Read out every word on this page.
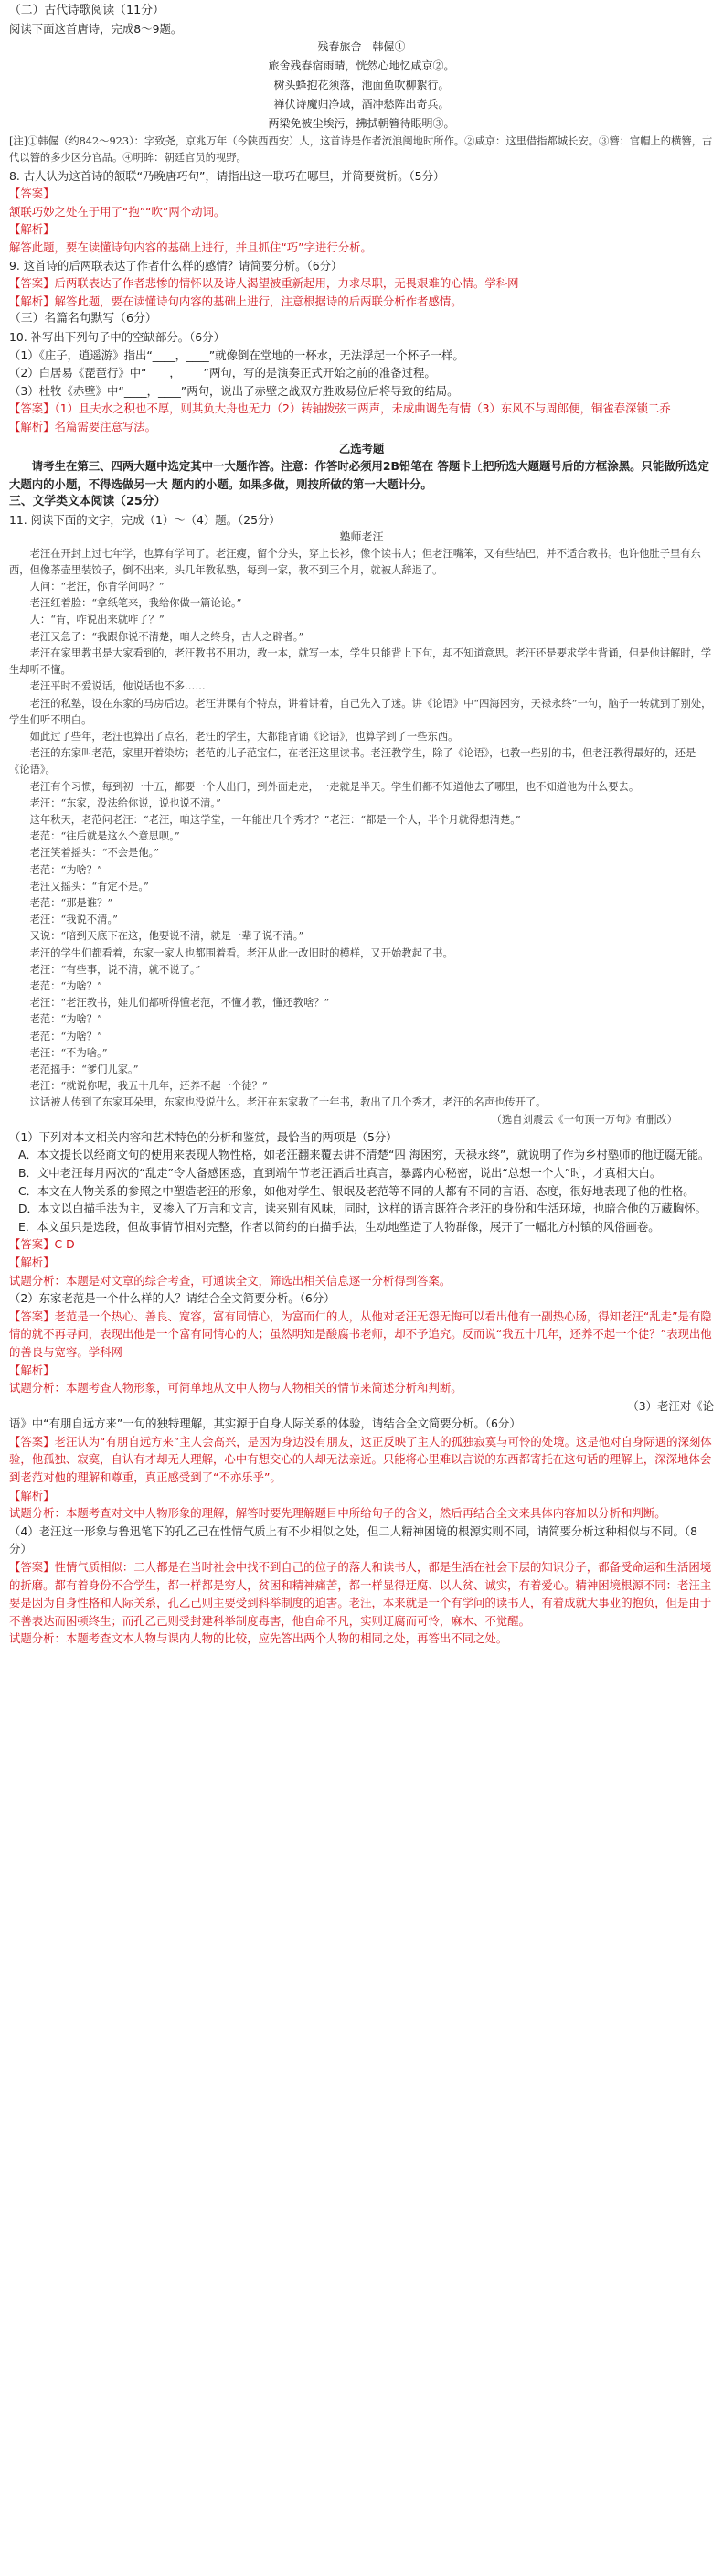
（二）古代诗歌阅读（11分）

阅读下面这首唐诗，完成8～9题。

残春旅舍　韩偓①

旅舍残春宿雨晴，恍然心地忆咸京②。

树头蜂抱花须落，池面鱼吹柳絮行。

禅伏诗魔归净域，酒冲愁阵出奇兵。

两梁免被尘埃污，拂拭朝簪待眼明③。

[注]①韩偓（约842～923）：字致尧，京兆万年（今陕西西安）人，这首诗是作者流浪闽地时所作。②咸京：这里借指都城长安。③簪：官帽上的横簪，古代以簪的多少区分官品。④明眸：朝廷官员的视野。

8. 古人认为这首诗的颔联“乃晚唐巧句”，请指出这一联巧在哪里，并简要赏析。（5分）

【答案】

颔联巧妙之处在于用了“抱”“吹”两个动词。

【解析】

解答此题，要在读懂诗句内容的基础上进行，并且抓住“巧”字进行分析。

9. 这首诗的后两联表达了作者什么样的感情？请简要分析。（6分）

【答案】后两联表达了作者悲惨的情怀以及诗人渴望被重新起用，力求尽职，无畏艰难的心情。学科网

【解析】解答此题，要在读懂诗句内容的基础上进行，注意根据诗的后两联分析作者感情。

（三）名篇名句默写（6分）

10. 补写出下列句子中的空缺部分。（6分）

（1）《庄子，逍遥游》指出“____，____”就像倒在堂地的一杯水，无法浮起一个杯子一样。

（2）白居易《琵琶行》中“____，____”两句，写的是演奏正式开始之前的准备过程。

（3）杜牧《赤壁》中“____，____”两句，说出了赤壁之战双方胜败易位后将导致的结局。

【答案】（1）且夫水之积也不厚，则其负大舟也无力（2）转轴拨弦三两声，未成曲调先有情（3）东风不与周郎便，铜雀春深锁二乔

【解析】名篇需要注意写法。

乙选考题

请考生在第三、四两大题中选定其中一大题作答。注意：作答时必须用2B铅笔在 答题卡上把所选大题题号后的方框涂黑。只能做所选定大题内的小题，不得选做另一大 题内的小题。如果多做，则按所做的第一大题计分。

三、文学类文本阅读（25分）

11. 阅读下面的文字，完成（1）～（4）题。（25分）

塾师老汪

老汪在开封上过七年学，也算有学问了。老汪瘦，留个分头，穿上长衫，像个读书人；但老汪嘴笨，又有些结巴，并不适合教书。也许他肚子里有东西，但像茶壶里装饺子，倒不出来。头几年教私塾，每到一家，教不到三个月，就被人辞退了。

人问：“老汪，你肯学问吗？”

老汪红着脸：“拿纸笔来，我给你做一篇论论。”

人：“肯，咋说出来就咋了？”

老汪又急了：“我跟你说不清楚，咱人之终身，古人之辟者。”

老汪在家里教书是大家看到的，老汪教书不用功，教一本，就写一本，学生只能背上下句，却不知道意思。老汪还是要求学生背诵，但是他讲解时，学生却听不懂。

老汪平时不爱说话，他说话也不多……

老汪的私塾，设在东家的马房后边。老汪讲课有个特点，讲着讲着，自己先入了迷。讲《论语》中“四海困穷，天禄永终”一句，脑子一转就到了别处，学生们听不明白。

如此过了些年，老汪也算出了点名，老汪的学生，大都能背诵《论语》，也算学到了一些东西。

老汪的东家叫老范，家里开着染坊；老范的儿子范宝仁，在老汪这里读书。老汪教学生，除了《论语》，也教一些别的书，但老汪教得最好的，还是《论语》。

老汪有个习惯，每到初一十五，都要一个人出门，到外面走走，一走就是半天。学生们都不知道他去了哪里，也不知道他为什么要去。

老汪：“东家，没法给你说，说也说不清。”

这年秋天，老范问老汪：“老汪，咱这学堂，一年能出几个秀才？”老汪：“都是一个人，半个月就得想清楚。”

老范：“往后就是这么个意思呗。”

老汪笑着摇头：“不会是他。”

老范：“为啥？”

老汪又摇头：“肯定不是。”

老范：“那是谁？”

老汪：“我说不清。”

又说：“暗到天底下在这，他要说不清，就是一辈子说不清。”

老汪的学生们都看着，东家一家人也都围着看。老汪从此一改旧时的模样，又开始教起了书。

老汪：“有些事，说不清，就不说了。”

老范：“为啥？”

老汪：“老汪教书，娃儿们都听得懂老范，不懂才教，懂还教啥？”

老范：“为啥？”

老范：“为啥？”

老汪：“不为啥。”

老范摇手：“爹们儿家。”

老汪：“就说你呢，我五十几年，还养不起一个徒？”

这话被人传到了东家耳朵里，东家也没说什么。老汪在东家教了十年书，教出了几个秀才，老汪的名声也传开了。

（选自刘震云《一句顶一万句》有删改）

（1）下列对本文相关内容和艺术特色的分析和鉴赏，最恰当的两项是（5分）

A．本文提长以经商文句的使用来表现人物性格，如老汪翻来覆去讲不清楚“四 海困穷，天禄永终”，就说明了作为乡村塾师的他迂腐无能。

B．文中老汪每月两次的“乱走”令人备感困惑，直到端午节老汪酒后吐真言，暴露内心秘密，说出“总想一个人”时，才真相大白。

C．本文在人物关系的参照之中塑造老汪的形象，如他对学生、银氓及老范等不同的人都有不同的言语、态度，很好地表现了他的性格。

D．本文以白描手法为主，叉掺入了万言和文言，读来别有风味，同时，这样的语言既符合老汪的身份和生活环境，也暗合他的万藏胸怀。

E．本文虽只是选段，但故事情节相对完整，作者以简约的白描手法，生动地塑造了人物群像，展开了一幅北方村镇的风俗画卷。

【答案】C D

【解析】

试题分析：本题是对文章的综合考查，可通读全文，筛选出相关信息逐一分析得到答案。

（2）东家老范是一个什么样的人？请结合全文简要分析。（6分）

【答案】老范是一个热心、善良、宽容，富有同情心，为富而仁的人，从他对老汪无怨无悔可以看出他有一副热心肠，得知老汪“乱走”是有隐情的就不再寻问，表现出他是一个富有同情心的人；虽然明知是酸腐书老师，却不予追究。反而说“我五十几年，还养不起一个徒？”表现出他的善良与宽容。学科网

【解析】

试题分析：本题考查人物形象，可简单地从文中人物与人物相关的情节来简述分析和判断。

（3）老汪对《论

语》中“有朋自远方来”一句的独特理解，其实源于自身人际关系的体验，请结合全文简要分析。（6分）

【答案】老汪认为“有朋自远方来”主人会高兴，是因为身边没有朋友，这正反映了主人的孤独寂寞与可怜的处境。这是他对自身际遇的深刻体验，他孤独、寂寞，自认有才却无人理解，心中有想交心的人却无法亲近。只能将心里难以言说的东西都寄托在这句话的理解上，深深地体会到老范对他的理解和尊重，真正感受到了“不亦乐乎”。

【解析】

试题分析：本题考查对文中人物形象的理解，解答时要先理解题目中所给句子的含义，然后再结合全文来具体内容加以分析和判断。

（4）老汪这一形象与鲁迅笔下的孔乙己在性情气质上有不少相似之处，但二人精神困境的根源实则不同，请简要分析这种相似与不同。（8分）

【答案】性情气质相似：二人都是在当时社会中找不到自己的位子的落人和读书人，都是生活在社会下层的知识分子，都备受命运和生活困境的折磨。都有着身份不合学生，都一样都是穷人，贫困和精神痛苦，都一样显得迂腐、以人贫、诚实，有着爱心。精神困境根源不同：老汪主要是因为自身性格和人际关系，孔乙己则主要受到科举制度的迫害。老汪，本来就是一个有学问的读书人，有着成就大事业的抱负，但是由于不善表达而困顿终生；而孔乙己则受封建科举制度毒害，他自命不凡，实则迂腐而可怜，麻木、不觉醒。

试题分析：本题考查文本人物与课内人物的比较，应先答出两个人物的相同之处，再答出不同之处。
